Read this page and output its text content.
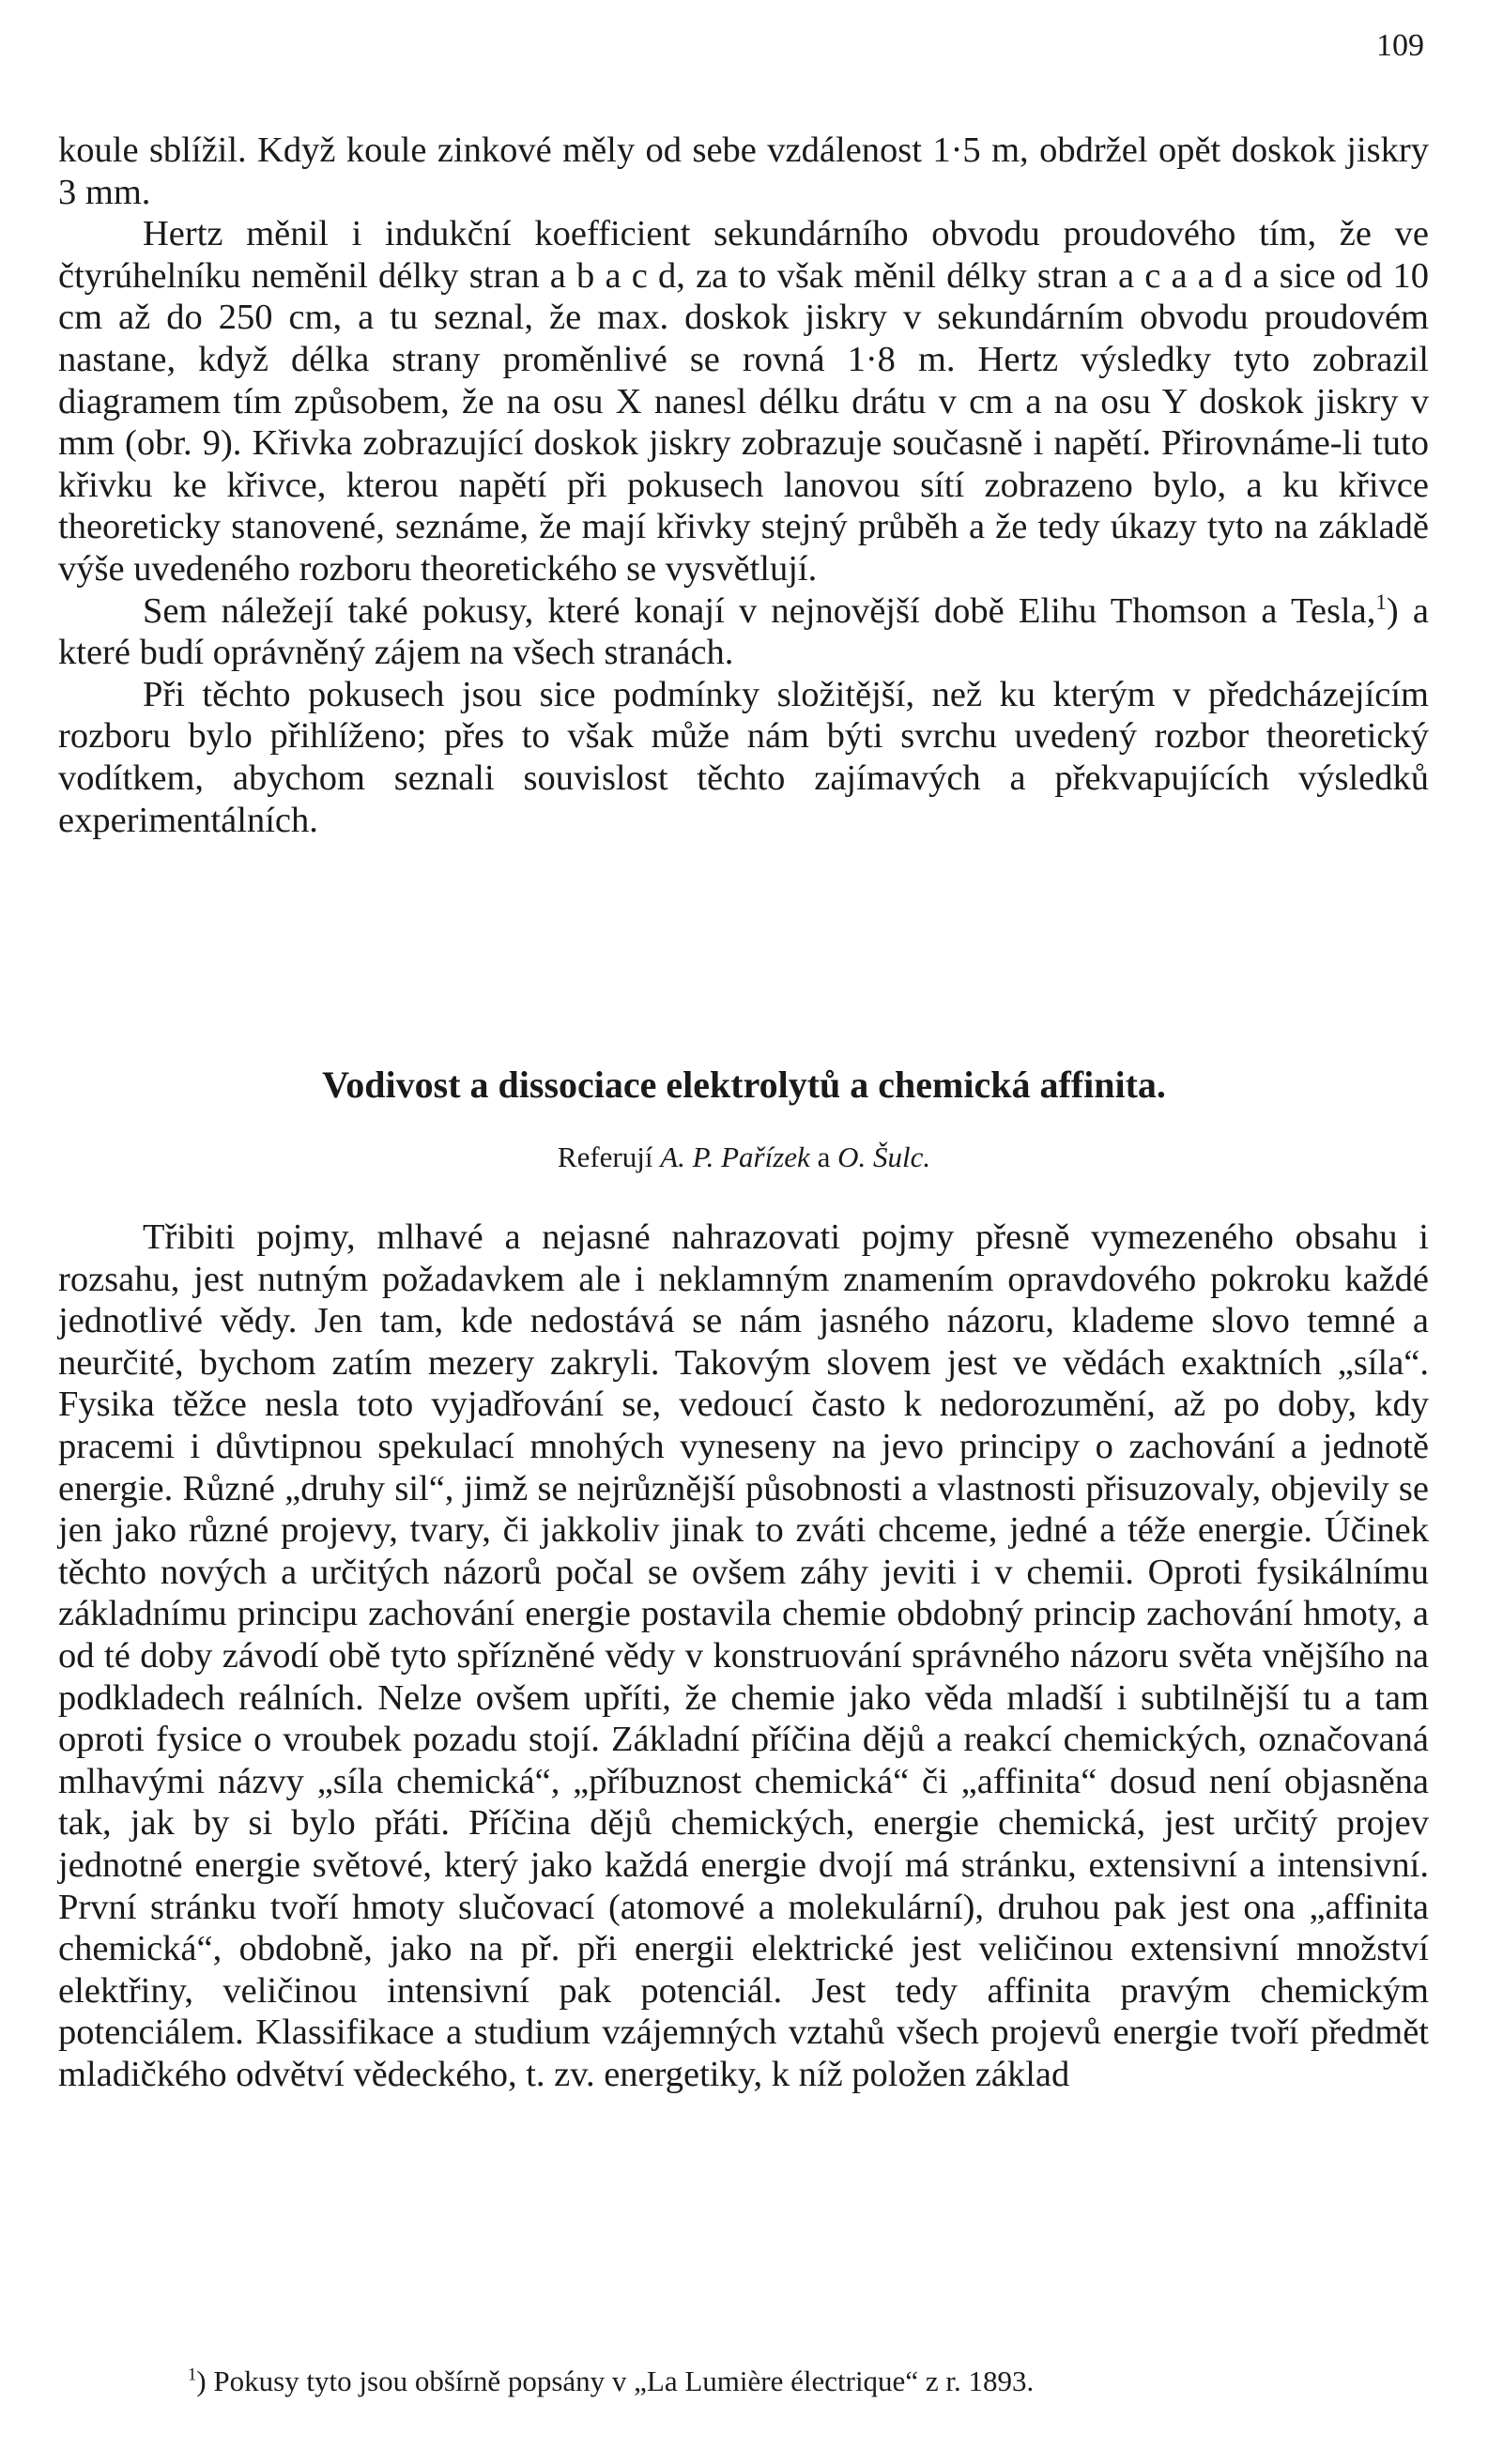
109

koule sblížil. Když koule zinkové měly od sebe vzdálenost 1·5 m, obdržel opět doskok jiskry 3 mm.

Hertz měnil i indukční koefficient sekundárního obvodu proudového tím, že ve čtyrúhelníku neměnil délky stran a b a c d, za to však měnil délky stran a c a a d a sice od 10 cm až do 250 cm, a tu seznal, že max. doskok jiskry v sekundárním obvodu proudovém nastane, když délka strany proměnlivé se rovná 1·8 m. Hertz výsledky tyto zobrazil diagramem tím způsobem, že na osu X nanesl délku drátu v cm a na osu Y doskok jiskry v mm (obr. 9). Křivka zobrazující doskok jiskry zobrazuje současně i napětí. Přirovnáme-li tuto křivku ke křivce, kterou napětí při pokusech lanovou sítí zobrazeno bylo, a ku křivce theoreticky stanovené, seznáme, že mají křivky stejný průběh a že tedy úkazy tyto na základě výše uvedeného rozboru theoretického se vysvětlují.

Sem náležejí také pokusy, které konají v nejnovější době Elihu Thomson a Tesla,$^1$) a které budí oprávněný zájem na všech stranách.

Při těchto pokusech jsou sice podmínky složitější, než ku kterým v předcházejícím rozboru bylo přihlíženo; přes to však může nám býti svrchu uvedený rozbor theoretický vodítkem, abychom seznali souvislost těchto zajímavých a překvapujících výsledků experimentálních.

Vodivost a dissociace elektrolytů a chemická affinita.
Referují A. P. Pařízek a O. Šulc.

Třibiti pojmy, mlhavé a nejasné nahrazovati pojmy přesně vymezeného obsahu i rozsahu, jest nutným požadavkem ale i neklamným znamením opravdového pokroku každé jednotlivé vědy. Jen tam, kde nedostává se nám jasného názoru, klademe slovo temné a neurčité, bychom zatím mezery zakryli. Takovým slovem jest ve vědách exaktních „síla“. Fysika těžce nesla toto vyjadřování se, vedoucí často k nedorozumění, až po doby, kdy pracemi i důvtipnou spekulací mnohých vyneseny na jevo principy o zachování a jednotě energie. Různé „druhy sil“, jimž se nejrůznější působnosti a vlastnosti přisuzovaly, objevily se jen jako různé projevy, tvary, či jakkoliv jinak to zváti chceme, jedné a téže energie. Účinek těchto nových a určitých názorů počal se ovšem záhy jeviti i v chemii. Oproti fysikálnímu základnímu principu zachování energie postavila chemie obdobný princip zachování hmoty, a od té doby závodí obě tyto spřízněné vědy v konstruování správného názoru světa vnějšího na podkladech reálních. Nelze ovšem upříti, že chemie jako věda mladší i subtilnější tu a tam oproti fysice o vroubek pozadu stojí. Základní příčina dějů a reakcí chemických, označovaná mlhavými názvy „síla chemická“, „příbuznost chemická“ či „affinita“ dosud není objasněna tak, jak by si bylo přáti. Příčina dějů chemických, energie chemická, jest určitý projev jednotné energie světové, který jako každá energie dvojí má stránku, extensivní a intensivní. První stránku tvoří hmoty slučovací (atomové a molekulární), druhou pak jest ona „affinita chemická“, obdobně, jako na př. při energii elektrické jest veličinou extensivní množství elektřiny, veličinou intensivní pak potenciál. Jest tedy affinita pravým chemickým potenciálem. Klassifikace a studium vzájemných vztahů všech projevů energie tvoří předmět mladičkého odvětví vědeckého, t. zv. energetiky, k níž položen základ

$^1$) Pokusy tyto jsou obšírně popsány v „La Lumière électrique“ z r. 1893.
